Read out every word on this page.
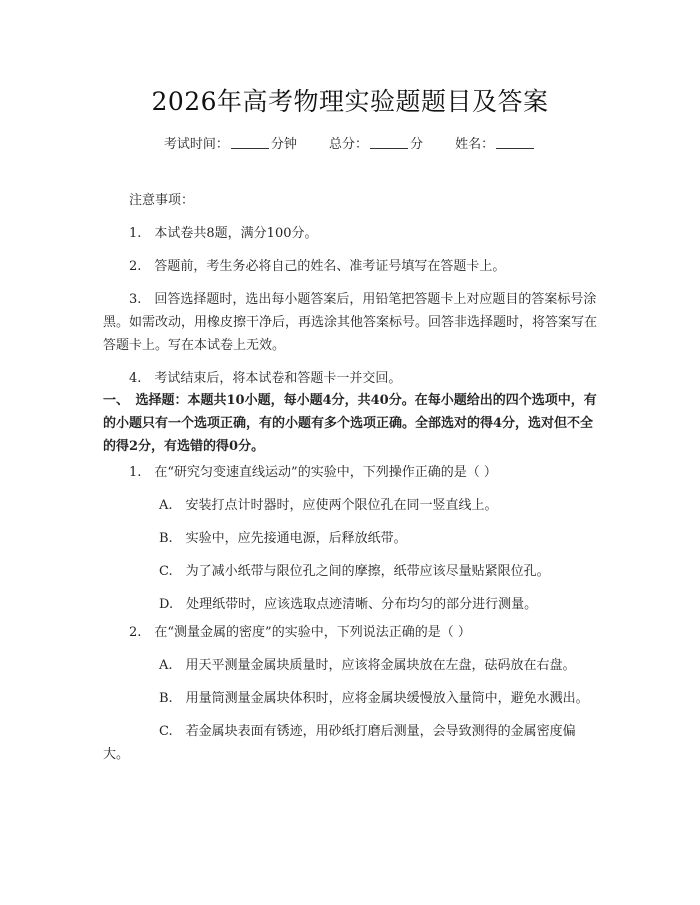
2026年高考物理实验题题目及答案
考试时间：	分钟 总分：	分 姓名：

注意事项：

1.　本试卷共8题，满分100分。

2.　答题前，考生务必将自己的姓名、准考证号填写在答题卡上。

3.　回答选择题时，选出每小题答案后，用铅笔把答题卡上对应题目的答案标号涂黑。如需改动，用橡皮擦干净后，再选涂其他答案标号。回答非选择题时，将答案写在答题卡上。写在本试卷上无效。

4.　考试结束后，将本试卷和答题卡一并交回。

一、　选择题：本题共10小题，每小题4分，共40分。在每小题给出的四个选项中，有的小题只有一个选项正确，有的小题有多个选项正确。全部选对的得4分，选对但不全的得2分，有选错的得0分。

1.　在“研究匀变速直线运动”的实验中，下列操作正确的是（ ）

A.　安装打点计时器时，应使两个限位孔在同一竖直线上。

B.　实验中，应先接通电源，后释放纸带。

C.　为了减小纸带与限位孔之间的摩擦，纸带应该尽量贴紧限位孔。

D.　处理纸带时，应该选取点迹清晰、分布均匀的部分进行测量。

2.　在“测量金属的密度”的实验中，下列说法正确的是（ ）

A.　用天平测量金属块质量时，应该将金属块放在左盘，砝码放在右盘。

B.　用量筒测量金属块体积时，应将金属块缓慢放入量筒中，避免水溅出。

C.　若金属块表面有锈迹，用砂纸打磨后测量，会导致测得的金属密度偏大。
